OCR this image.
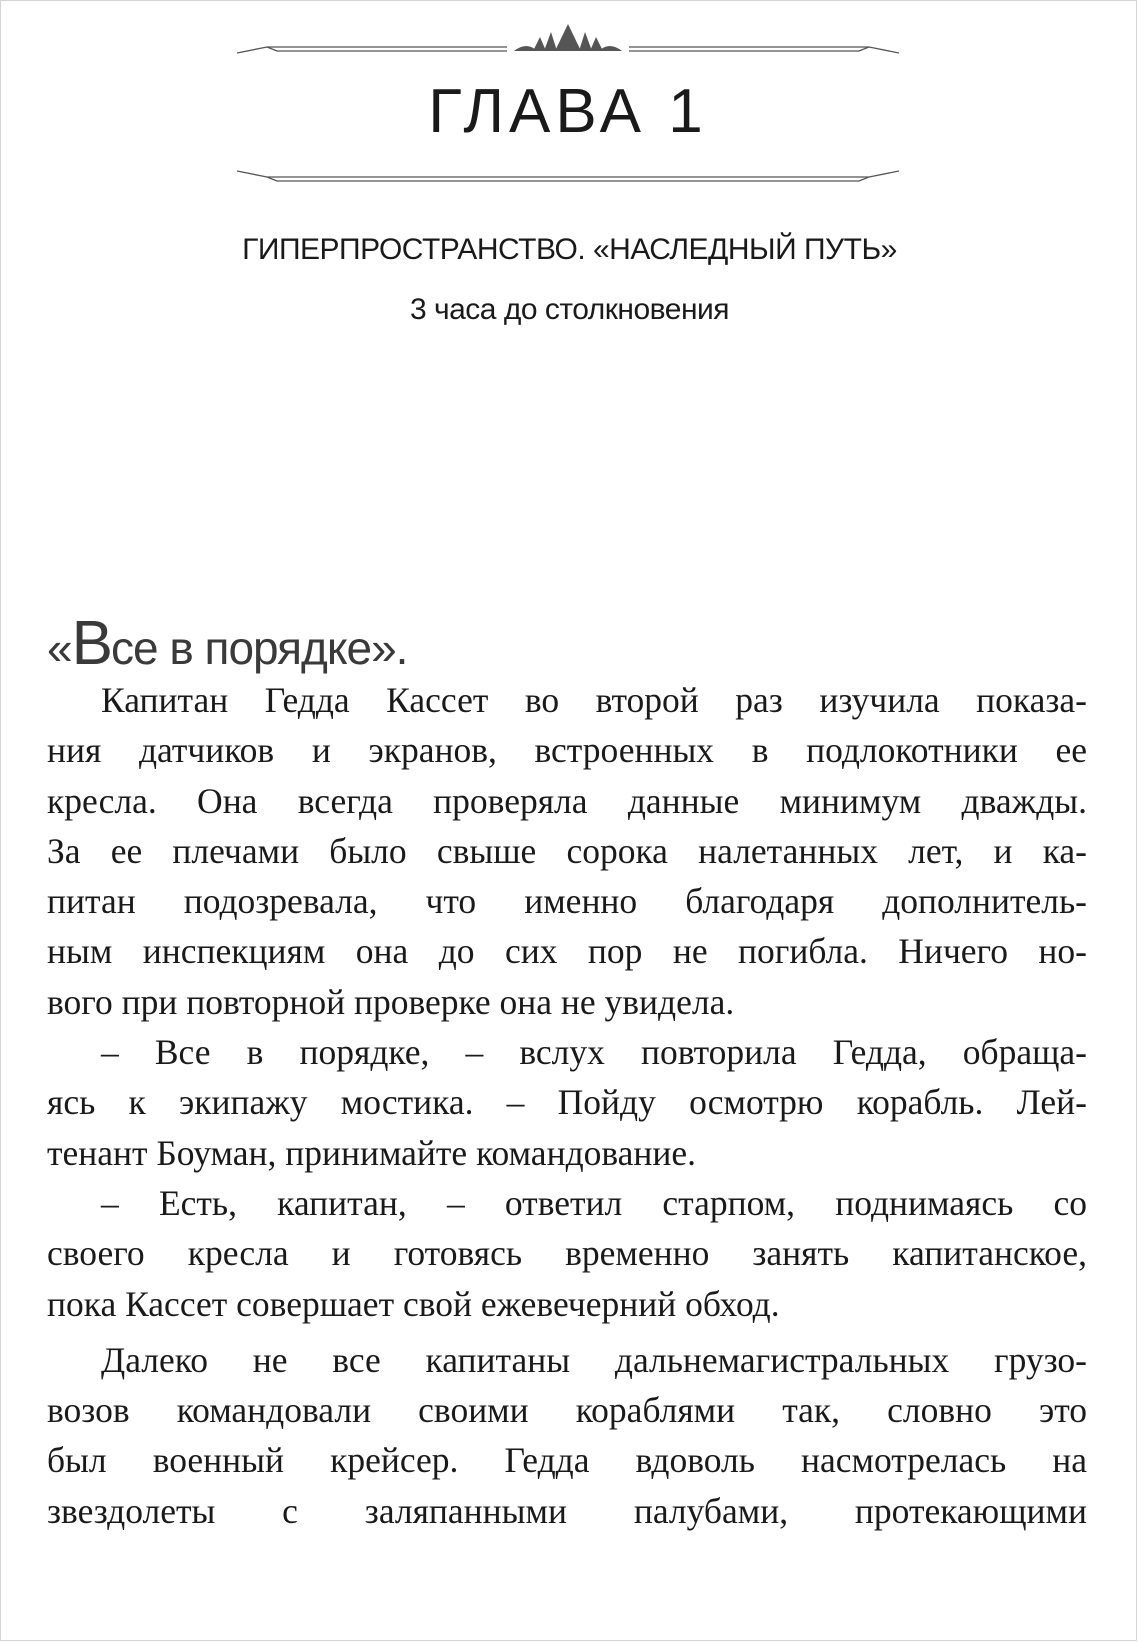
ГЛАВА 1
ГИПЕРПРОСТРАНСТВО. «НАСЛЕДНЫЙ ПУТЬ»
3 часа до столкновения
«Все в порядке».
Капитан Гедда Кассет во второй раз изучила показа-
ния датчиков и экранов, встроенных в подлокотники ее
кресла. Она всегда проверяла данные минимум дважды.
За ее плечами было свыше сорока налетанных лет, и ка-
питан подозревала, что именно благодаря дополнитель-
ным инспекциям она до сих пор не погибла. Ничего но-
вого при повторной проверке она не увидела.
– Все в порядке, – вслух повторила Гедда, обраща-
ясь к экипажу мостика. – Пойду осмотрю корабль. Лей-
тенант Боуман, принимайте командование.
– Есть, капитан, – ответил старпом, поднимаясь со
своего кресла и готовясь временно занять капитанское,
пока Кассет совершает свой ежевечерний обход.
Далеко не все капитаны дальнемагистральных грузо-
возов командовали своими кораблями так, словно это
был военный крейсер. Гедда вдоволь насмотрелась на
звездолеты с заляпанными палубами, протекающими
